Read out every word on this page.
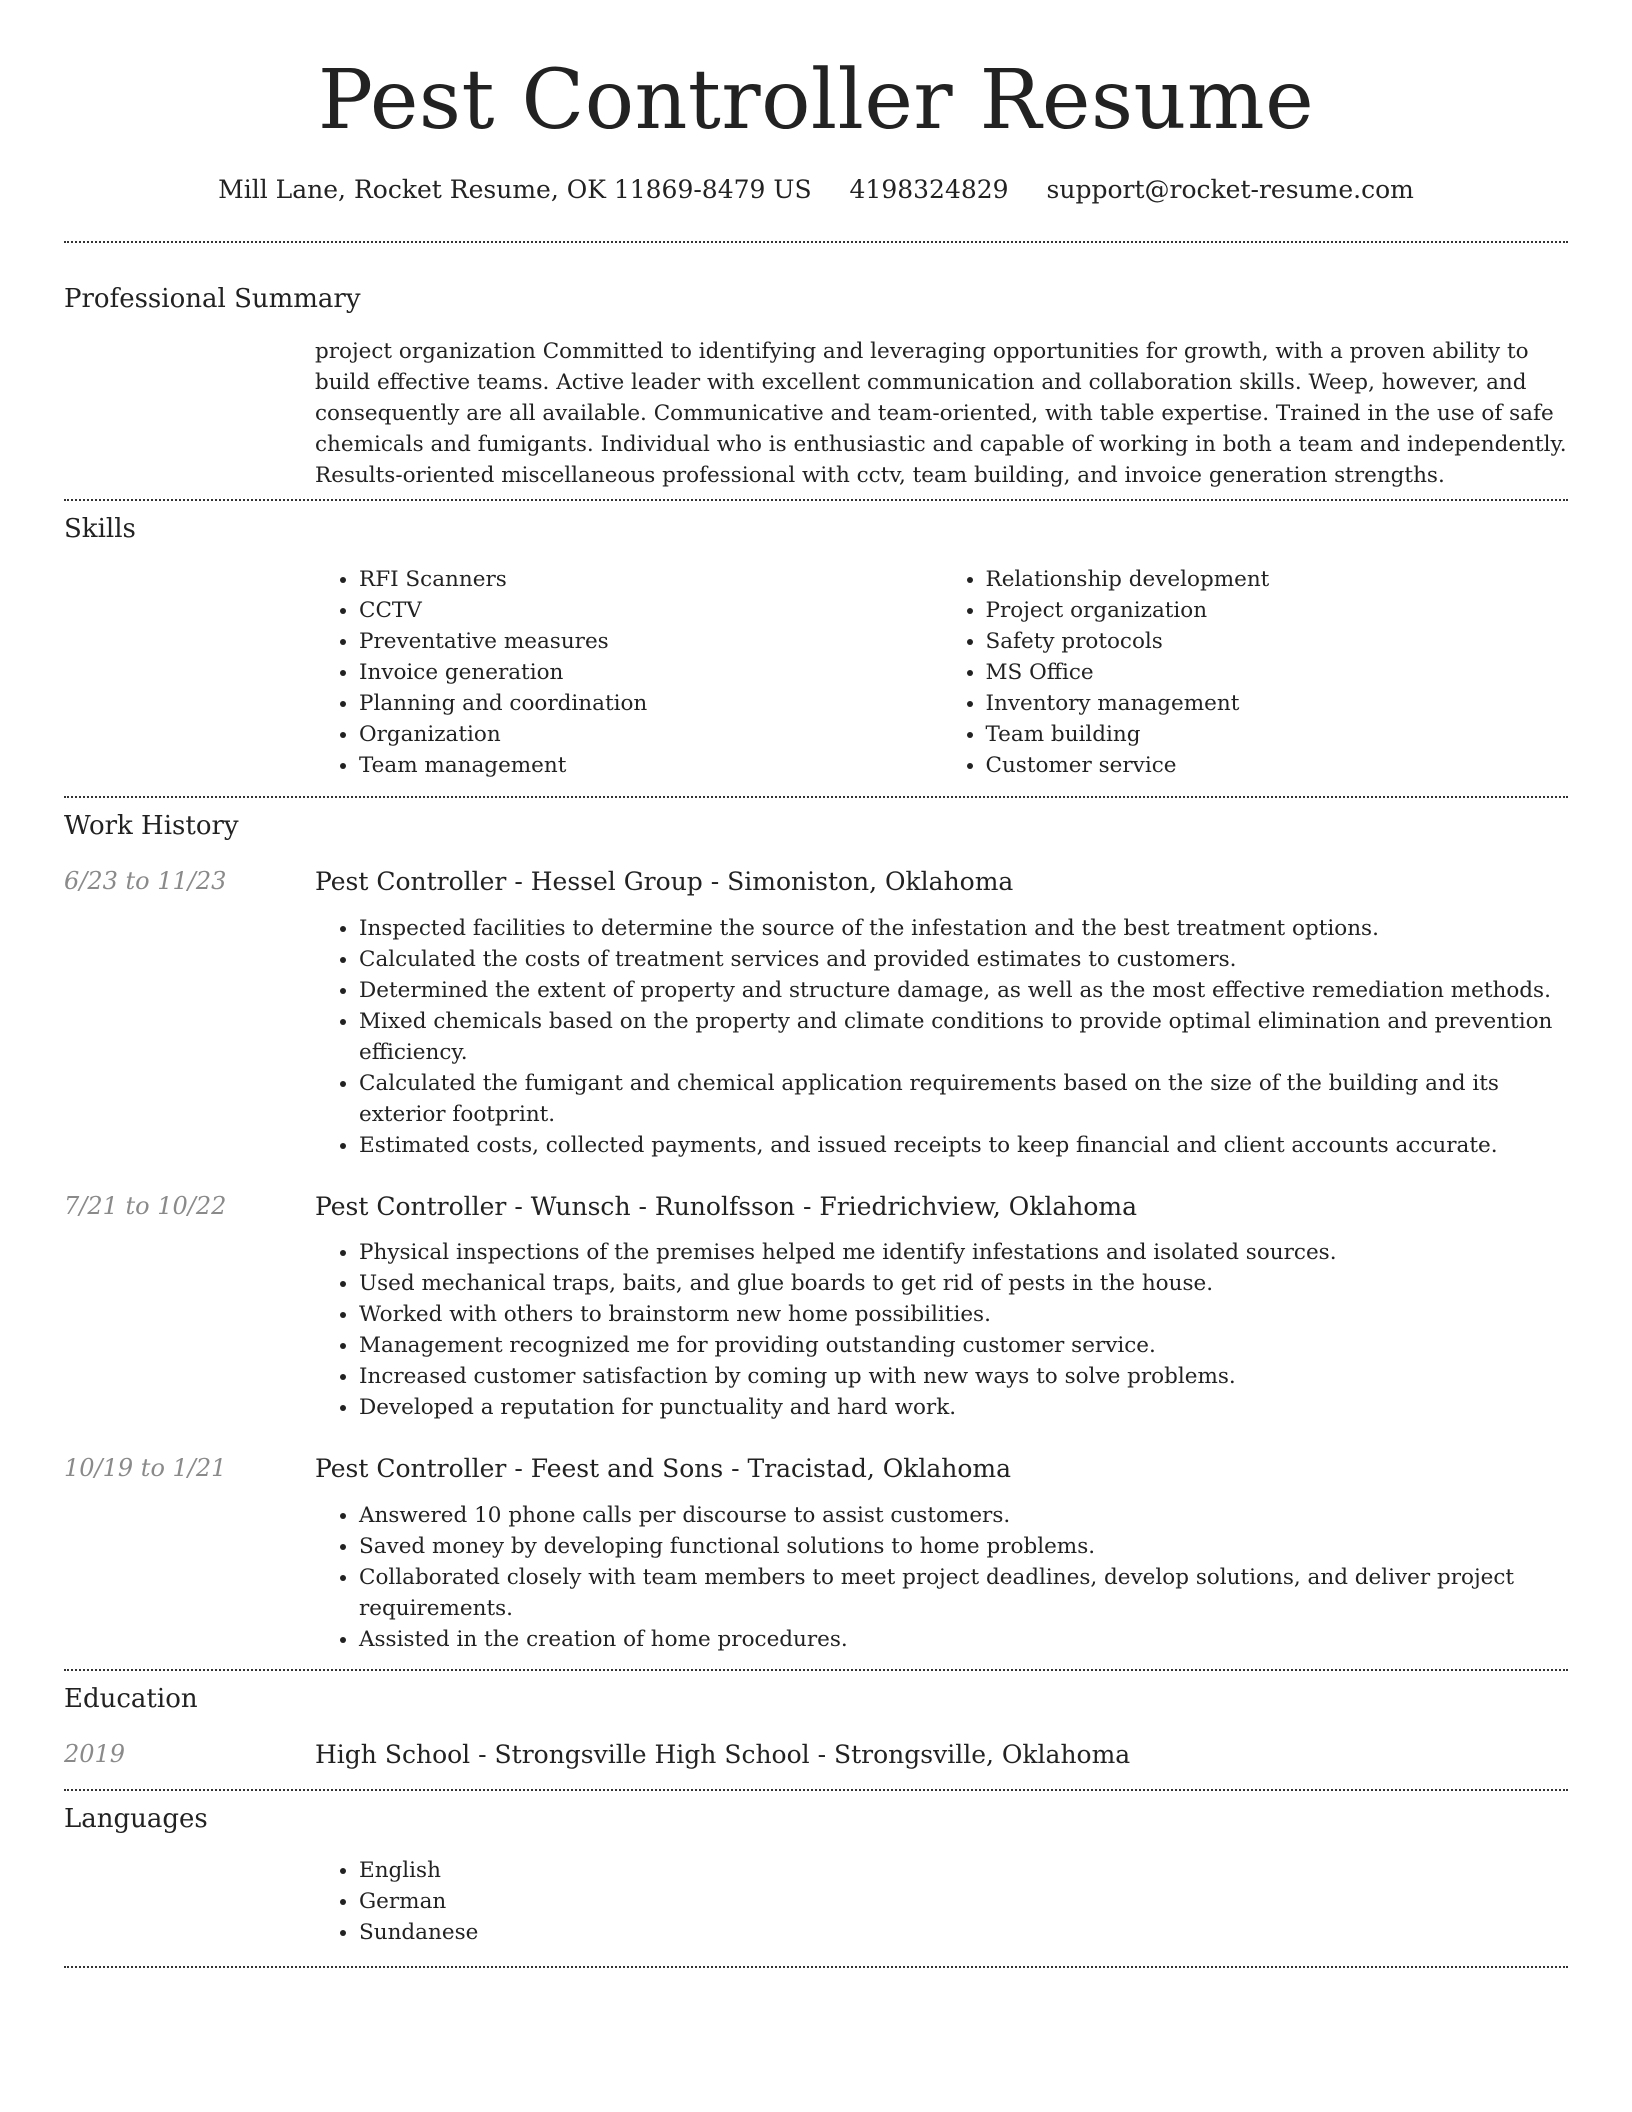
Pest Controller Resume
Mill Lane, Rocket Resume, OK 11869-8479 US 4198324829 support@rocket-resume.com
Professional Summary

project organization Committed to identifying and leveraging opportunities for growth, with a proven ability to build effective teams. Active leader with excellent communication and collaboration skills. Weep, however, and consequently are all available. Communicative and team-oriented, with table expertise. Trained in the use of safe chemicals and fumigants. Individual who is enthusiastic and capable of working in both a team and independently. Results-oriented miscellaneous professional with cctv, team building, and invoice generation strengths.

Skills
• RFI Scanners
• CCTV
• Preventative measures
• Invoice generation
• Planning and coordination
• Organization
• Team management
• Relationship development
• Project organization
• Safety protocols
• MS Office
• Inventory management
• Team building
• Customer service
Work History
6/23 to 11/23	Pest Controller - Hessel Group - Simoniston, Oklahoma
• Inspected facilities to determine the source of the infestation and the best treatment options.
• Calculated the costs of treatment services and provided estimates to customers.
• Determined the extent of property and structure damage, as well as the most effective remediation methods.
• Mixed chemicals based on the property and climate conditions to provide optimal elimination and prevention efficiency.
• Calculated the fumigant and chemical application requirements based on the size of the building and its exterior footprint.
• Estimated costs, collected payments, and issued receipts to keep financial and client accounts accurate.
7/21 to 10/22	Pest Controller - Wunsch - Runolfsson - Friedrichview, Oklahoma
• Physical inspections of the premises helped me identify infestations and isolated sources.
• Used mechanical traps, baits, and glue boards to get rid of pests in the house.
• Worked with others to brainstorm new home possibilities.
• Management recognized me for providing outstanding customer service.
• Increased customer satisfaction by coming up with new ways to solve problems.
• Developed a reputation for punctuality and hard work.
10/19 to 1/21	Pest Controller - Feest and Sons - Tracistad, Oklahoma
• Answered 10 phone calls per discourse to assist customers.
• Saved money by developing functional solutions to home problems.
• Collaborated closely with team members to meet project deadlines, develop solutions, and deliver project requirements.
• Assisted in the creation of home procedures.
Education
2019	High School - Strongsville High School - Strongsville, Oklahoma
Languages
• English
• German
• Sundanese
